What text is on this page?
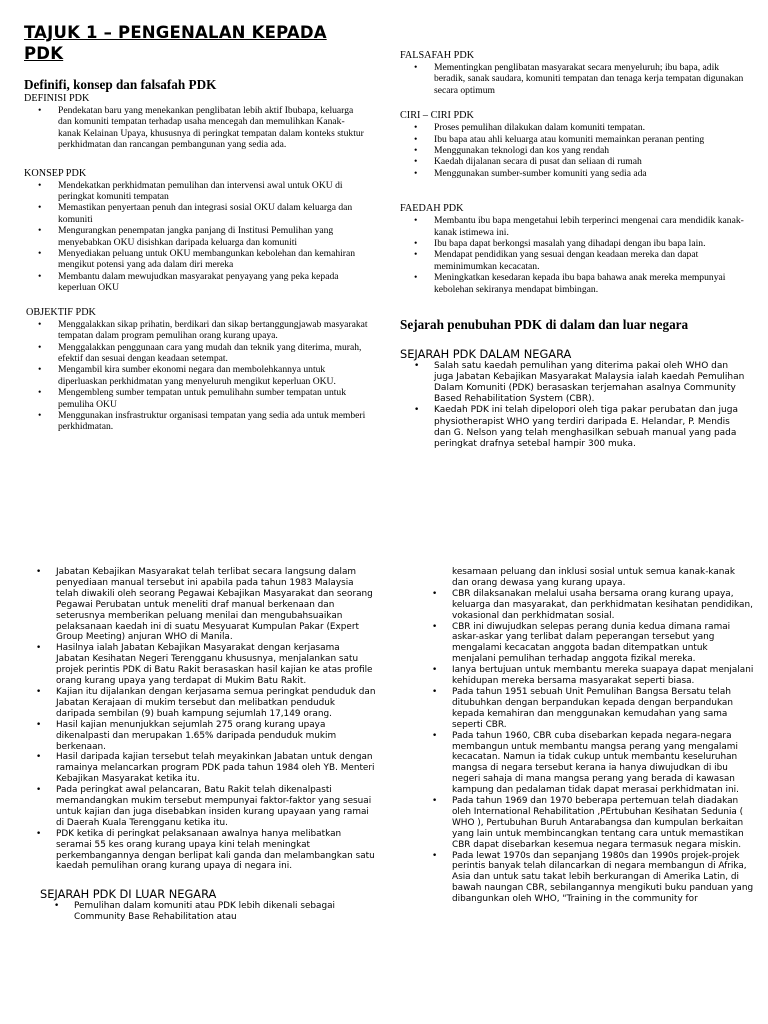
TAJUK 1 – PENGENALAN KEPADA
PDK
Definifi, konsep dan falsafah PDK
DEFINISI PDK
• Pendekatan baru yang menekankan penglibatan lebih aktif Ibubapa, keluarga dan komuniti tempatan terhadap usaha mencegah dan memulihkan Kanak- kanak Kelainan Upaya, khususnya di peringkat tempatan dalam konteks stuktur perkhidmatan dan rancangan pembangunan yang sedia ada.
KONSEP PDK
• Mendekatkan perkhidmatan pemulihan dan intervensi awal untuk OKU di peringkat komuniti tempatan
• Memastikan penyertaan penuh dan integrasi sosial OKU dalam keluarga dan komuniti
• Mengurangkan penempatan jangka panjang di Institusi Pemulihan yang menyebabkan OKU disishkan daripada keluarga dan komuniti
• Menyediakan peluang untuk OKU membangunkan kebolehan dan kemahiran mengikut potensi yang ada dalam diri mereka
• Membantu dalam mewujudkan masyarakat penyayang yang peka kepada keperluan OKU
OBJEKTIF PDK
• Menggalakkan sikap prihatin, berdikari dan sikap bertanggungjawab masyarakat tempatan dalam program pemulihan orang kurang upaya.
• Menggalakkan penggunaan cara yang mudah dan teknik yang diterima, murah, efektif dan sesuai dengan keadaan setempat.
• Mengambil kira sumber ekonomi negara dan membolehkannya untuk diperluaskan perkhidmatan yang menyeluruh mengikut keperluan OKU.
• Mengembleng sumber tempatan untuk pemulihahn sumber tempatan untuk pemuliha OKU
• Menggunakan insfrastruktur organisasi tempatan yang sedia ada untuk memberi perkhidmatan.
FALSAFAH PDK
• Mementingkan penglibatan masyarakat secara menyeluruh; ibu bapa, adik beradik, sanak saudara, komuniti tempatan dan tenaga kerja tempatan digunakan secara optimum
CIRI – CIRI PDK
• Proses pemulihan dilakukan dalam komuniti tempatan.
• Ibu bapa atau ahli keluarga atau komuniti memainkan peranan penting
• Menggunakan teknologi dan kos yang rendah
• Kaedah dijalanan secara di pusat dan seliaan di rumah
• Menggunakan sumber-sumber komuniti yang sedia ada
FAEDAH PDK
• Membantu ibu bapa mengetahui lebih terperinci mengenai cara mendidik kanak-kanak istimewa ini.
• Ibu bapa dapat berkongsi masalah yang dihadapi dengan ibu bapa lain.
• Mendapat pendidikan yang sesuai dengan keadaan mereka dan dapat meminimumkan kecacatan.
• Meningkatkan kesedaran kepada ibu bapa bahawa anak mereka mempunyai kebolehan sekiranya mendapat bimbingan.
Sejarah penubuhan PDK di dalam dan luar negara
SEJARAH PDK DALAM NEGARA
• Salah satu kaedah pemulihan yang diterima pakai oleh WHO dan juga Jabatan Kebajikan Masyarakat Malaysia ialah kaedah Pemulihan Dalam Komuniti (PDK) berasaskan terjemahan asalnya Community Based Rehabilitation System (CBR).
• Kaedah PDK ini telah dipelopori oleh tiga pakar perubatan dan juga physiotherapist WHO yang terdiri daripada E. Helandar, P. Mendis dan G. Nelson yang telah menghasilkan sebuah manual yang pada peringkat drafnya setebal hampir 300 muka.
• Jabatan Kebajikan Masyarakat telah terlibat secara langsung dalam penyediaan manual tersebut ini apabila pada tahun 1983 Malaysia telah diwakili oleh seorang Pegawai Kebajikan Masyarakat dan seorang Pegawai Perubatan untuk meneliti draf manual berkenaan dan seterusnya memberikan peluang menilai dan mengubahsuaikan pelaksanaan kaedah ini di suatu Mesyuarat Kumpulan Pakar (Expert Group Meeting) anjuran WHO di Manila.
• Hasilnya ialah Jabatan Kebajikan Masyarakat dengan kerjasama Jabatan Kesihatan Negeri Terengganu khususnya, menjalankan satu projek perintis PDK di Batu Rakit berasaskan hasil kajian ke atas profile orang kurang upaya yang terdapat di Mukim Batu Rakit.
• Kajian itu dijalankan dengan kerjasama semua peringkat penduduk dan Jabatan Kerajaan di mukim tersebut dan melibatkan penduduk daripada sembilan (9) buah kampung sejumlah 17,149 orang.
• Hasil kajian menunjukkan sejumlah 275 orang kurang upaya dikenalpasti dan merupakan 1.65% daripada penduduk mukim berkenaan.
• Hasil daripada kajian tersebut telah meyakinkan Jabatan untuk dengan ramainya melancarkan program PDK pada tahun 1984 oleh YB. Menteri Kebajikan Masyarakat ketika itu.
• Pada peringkat awal pelancaran, Batu Rakit telah dikenalpasti memandangkan mukim tersebut mempunyai faktor-faktor yang sesuai untuk kajian dan juga disebabkan insiden kurang upayaan yang ramai di Daerah Kuala Terengganu ketika itu.
• PDK ketika di peringkat pelaksanaan awalnya hanya melibatkan seramai 55 kes orang kurang upaya kini telah meningkat perkembangannya dengan berlipat kali ganda dan melambangkan satu kaedah pemulihan orang kurang upaya di negara ini.
SEJARAH PDK DI LUAR NEGARA
• Pemulihan dalam komuniti atau PDK lebih dikenali sebagai Community Base Rehabilitation atau
kesamaan peluang dan inklusi sosial untuk semua kanak-kanak dan orang dewasa yang kurang upaya.
• CBR dilaksanakan melalui usaha bersama orang kurang upaya, keluarga dan masyarakat, dan perkhidmatan kesihatan pendidikan, vokasional dan perkhidmatan sosial.
• CBR ini diwujudkan selepas perang dunia kedua dimana ramai askar-askar yang terlibat dalam peperangan tersebut yang mengalami kecacatan anggota badan ditempatkan untuk menjalani pemulihan terhadap anggota fizikal mereka.
• Ianya bertujuan untuk membantu mereka suapaya dapat menjalani kehidupan mereka bersama masyarakat seperti biasa.
• Pada tahun 1951 sebuah Unit Pemulihan Bangsa Bersatu telah ditubuhkan dengan berpandukan kepada dengan berpandukan kepada kemahiran dan menggunakan kemudahan yang sama seperti CBR.
• Pada tahun 1960, CBR cuba disebarkan kepada negara-negara membangun untuk membantu mangsa perang yang mengalami kecacatan. Namun ia tidak cukup untuk membantu keseluruhan mangsa di negara tersebut kerana ia hanya diwujudkan di ibu negeri sahaja di mana mangsa perang yang berada di kawasan kampung dan pedalaman tidak dapat merasai perkhidmatan ini.
• Pada tahun 1969 dan 1970 beberapa pertemuan telah diadakan oleh International Rehabilitation ,PErtubuhan Kesihatan Sedunia ( WHO ), Pertubuhan Buruh Antarabangsa dan kumpulan berkaitan yang lain untuk membincangkan tentang cara untuk memastikan CBR dapat disebarkan kesemua negara termasuk negara miskin.
• Pada lewat 1970s dan sepanjang 1980s dan 1990s projek-projek perintis banyak telah dilancarkan di negara membangun di Afrika, Asia dan untuk satu takat lebih berkurangan di Amerika Latin, di bawah naungan CBR, sebilangannya mengikuti buku panduan yang dibangunkan oleh WHO, "Training in the community for
